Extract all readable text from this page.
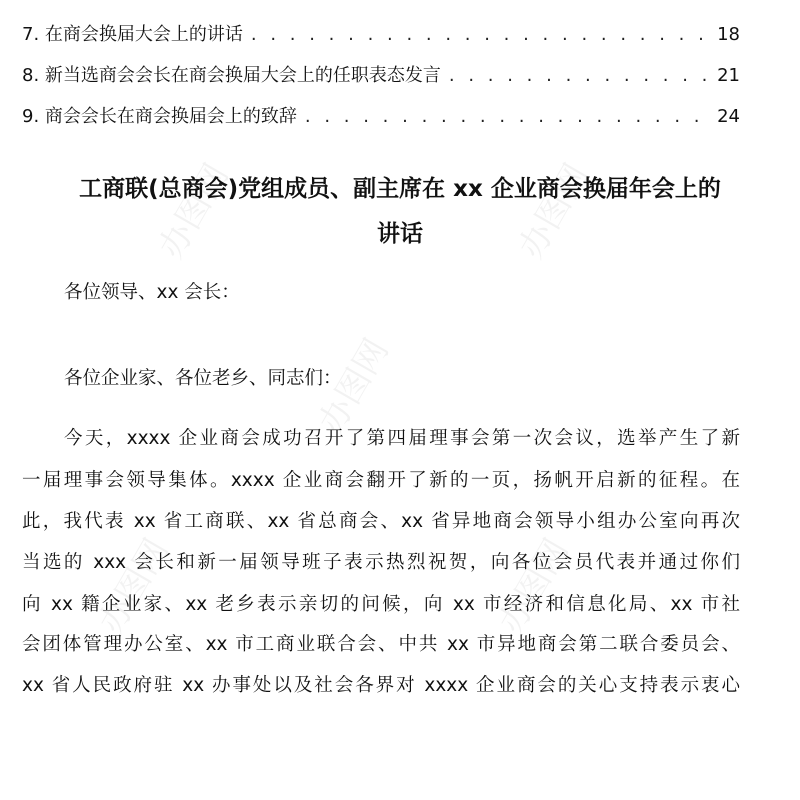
办图网	办图网
办图网
办图网	办图网
7. 在商会换届大会上的讲话 . . .	18
8. 新当选商会会长在商会换届大会上的任职表态发言 . . .	21
9. 商会会长在商会换届会上的致辞 . . .	24
工商联(总商会)党组成员、副主席在 xx 企业商会换届年会上的
讲话
各位领导、xx 会长：
各位企业家、各位老乡、同志们：
今天，xxxx 企业商会成功召开了第四届理事会第一次会议，选举产生了新
一届理事会领导集体。xxxx 企业商会翻开了新的一页，扬帆开启新的征程。在
此，我代表 xx 省工商联、xx 省总商会、xx 省异地商会领导小组办公室向再次
当选的 xxx 会长和新一届领导班子表示热烈祝贺，向各位会员代表并通过你们
向 xx 籍企业家、xx 老乡表示亲切的问候，向 xx 市经济和信息化局、xx 市社
会团体管理办公室、xx 市工商业联合会、中共 xx 市异地商会第二联合委员会、
xx 省人民政府驻 xx 办事处以及社会各界对 xxxx 企业商会的关心支持表示衷心
